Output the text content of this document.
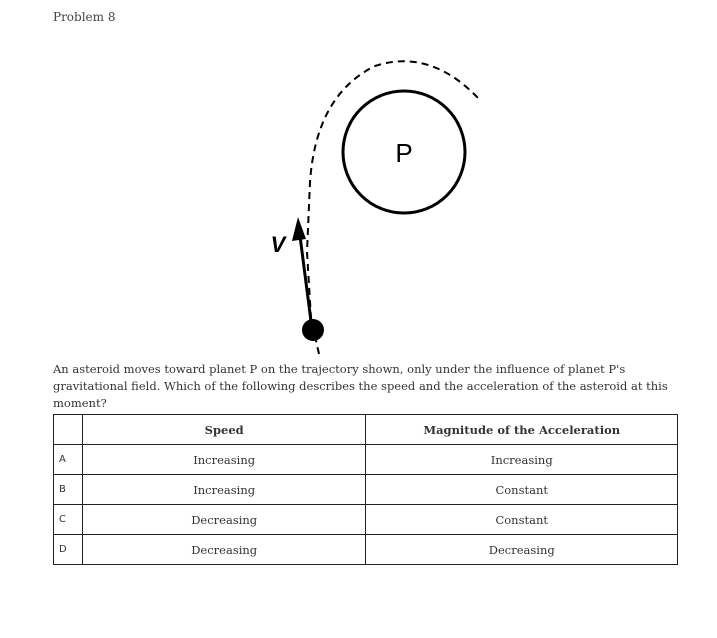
Problem 8
P
V
An asteroid moves toward planet P on the trajectory shown, only under the influence of planet P's gravitational field. Which of the following describes the speed and the acceleration of the asteroid at this moment?
	Speed	Magnitude of the Acceleration
A	Increasing	Increasing
B	Increasing	Constant
C	Decreasing	Constant
D	Decreasing	Decreasing
